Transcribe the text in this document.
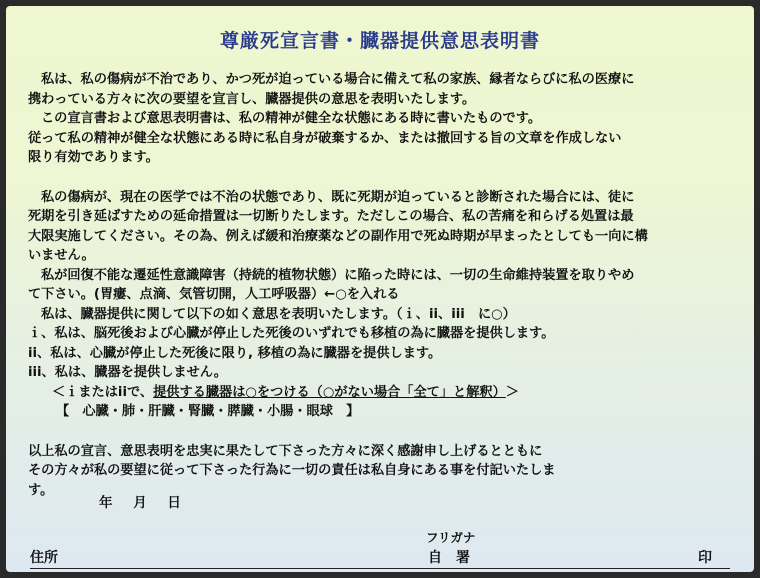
尊厳死宣言書・臓器提供意思表明書

私は、私の傷病が不治であり、かつ死が迫っている場合に備えて私の家族、縁者ならびに私の医療に

携わっている方々に次の要望を宣言し、臓器提供の意思を表明いたします。

この宣言書および意思表明書は、私の精神が健全な状態にある時に書いたものです。

従って私の精神が健全な状態にある時に私自身が破棄するか、または撤回する旨の文章を作成しない

限り有効であります。

私の傷病が、現在の医学では不治の状態であり、既に死期が迫っていると診断された場合には、徒に

死期を引き延ばすための延命措置は一切断りたします。ただしこの場合、私の苦痛を和らげる処置は最

大限実施してください。その為、例えば緩和治療薬などの副作用で死ぬ時期が早まったとしても一向に構

いません。

私が回復不能な遷延性意識障害（持続的植物状態）に陥った時には、一切の生命維持装置を取りやめ

て下さい。(胃瘻、点滴、気管切開，人工呼吸器）←○を入れる

私は、臓器提供に関して以下の如く意思を表明いたします。（ｉ、ii、iii　に○）

ｉ、私は、脳死後および心臓が停止した死後のいずれでも移植の為に臓器を提供します。

ii、私は、心臓が停止した死後に限り, 移植の為に臓器を提供します。

iii、私は、臓器を提供しません。

＜ｉまたはiiで、提供する臓器は○をつける（○がない場合「全て」と解釈）＞

【　心臓・肺・肝臓・腎臓・膵臓・小腸・眼球　】

以上私の宣言、意思表明を忠実に果たして下さった方々に深く感謝申し上げるとともに

その方々が私の要望に従って下さった行為に一切の責任は私自身にある事を付記いたしま

す。

年 月 日
フリガナ
住所	自署	印
